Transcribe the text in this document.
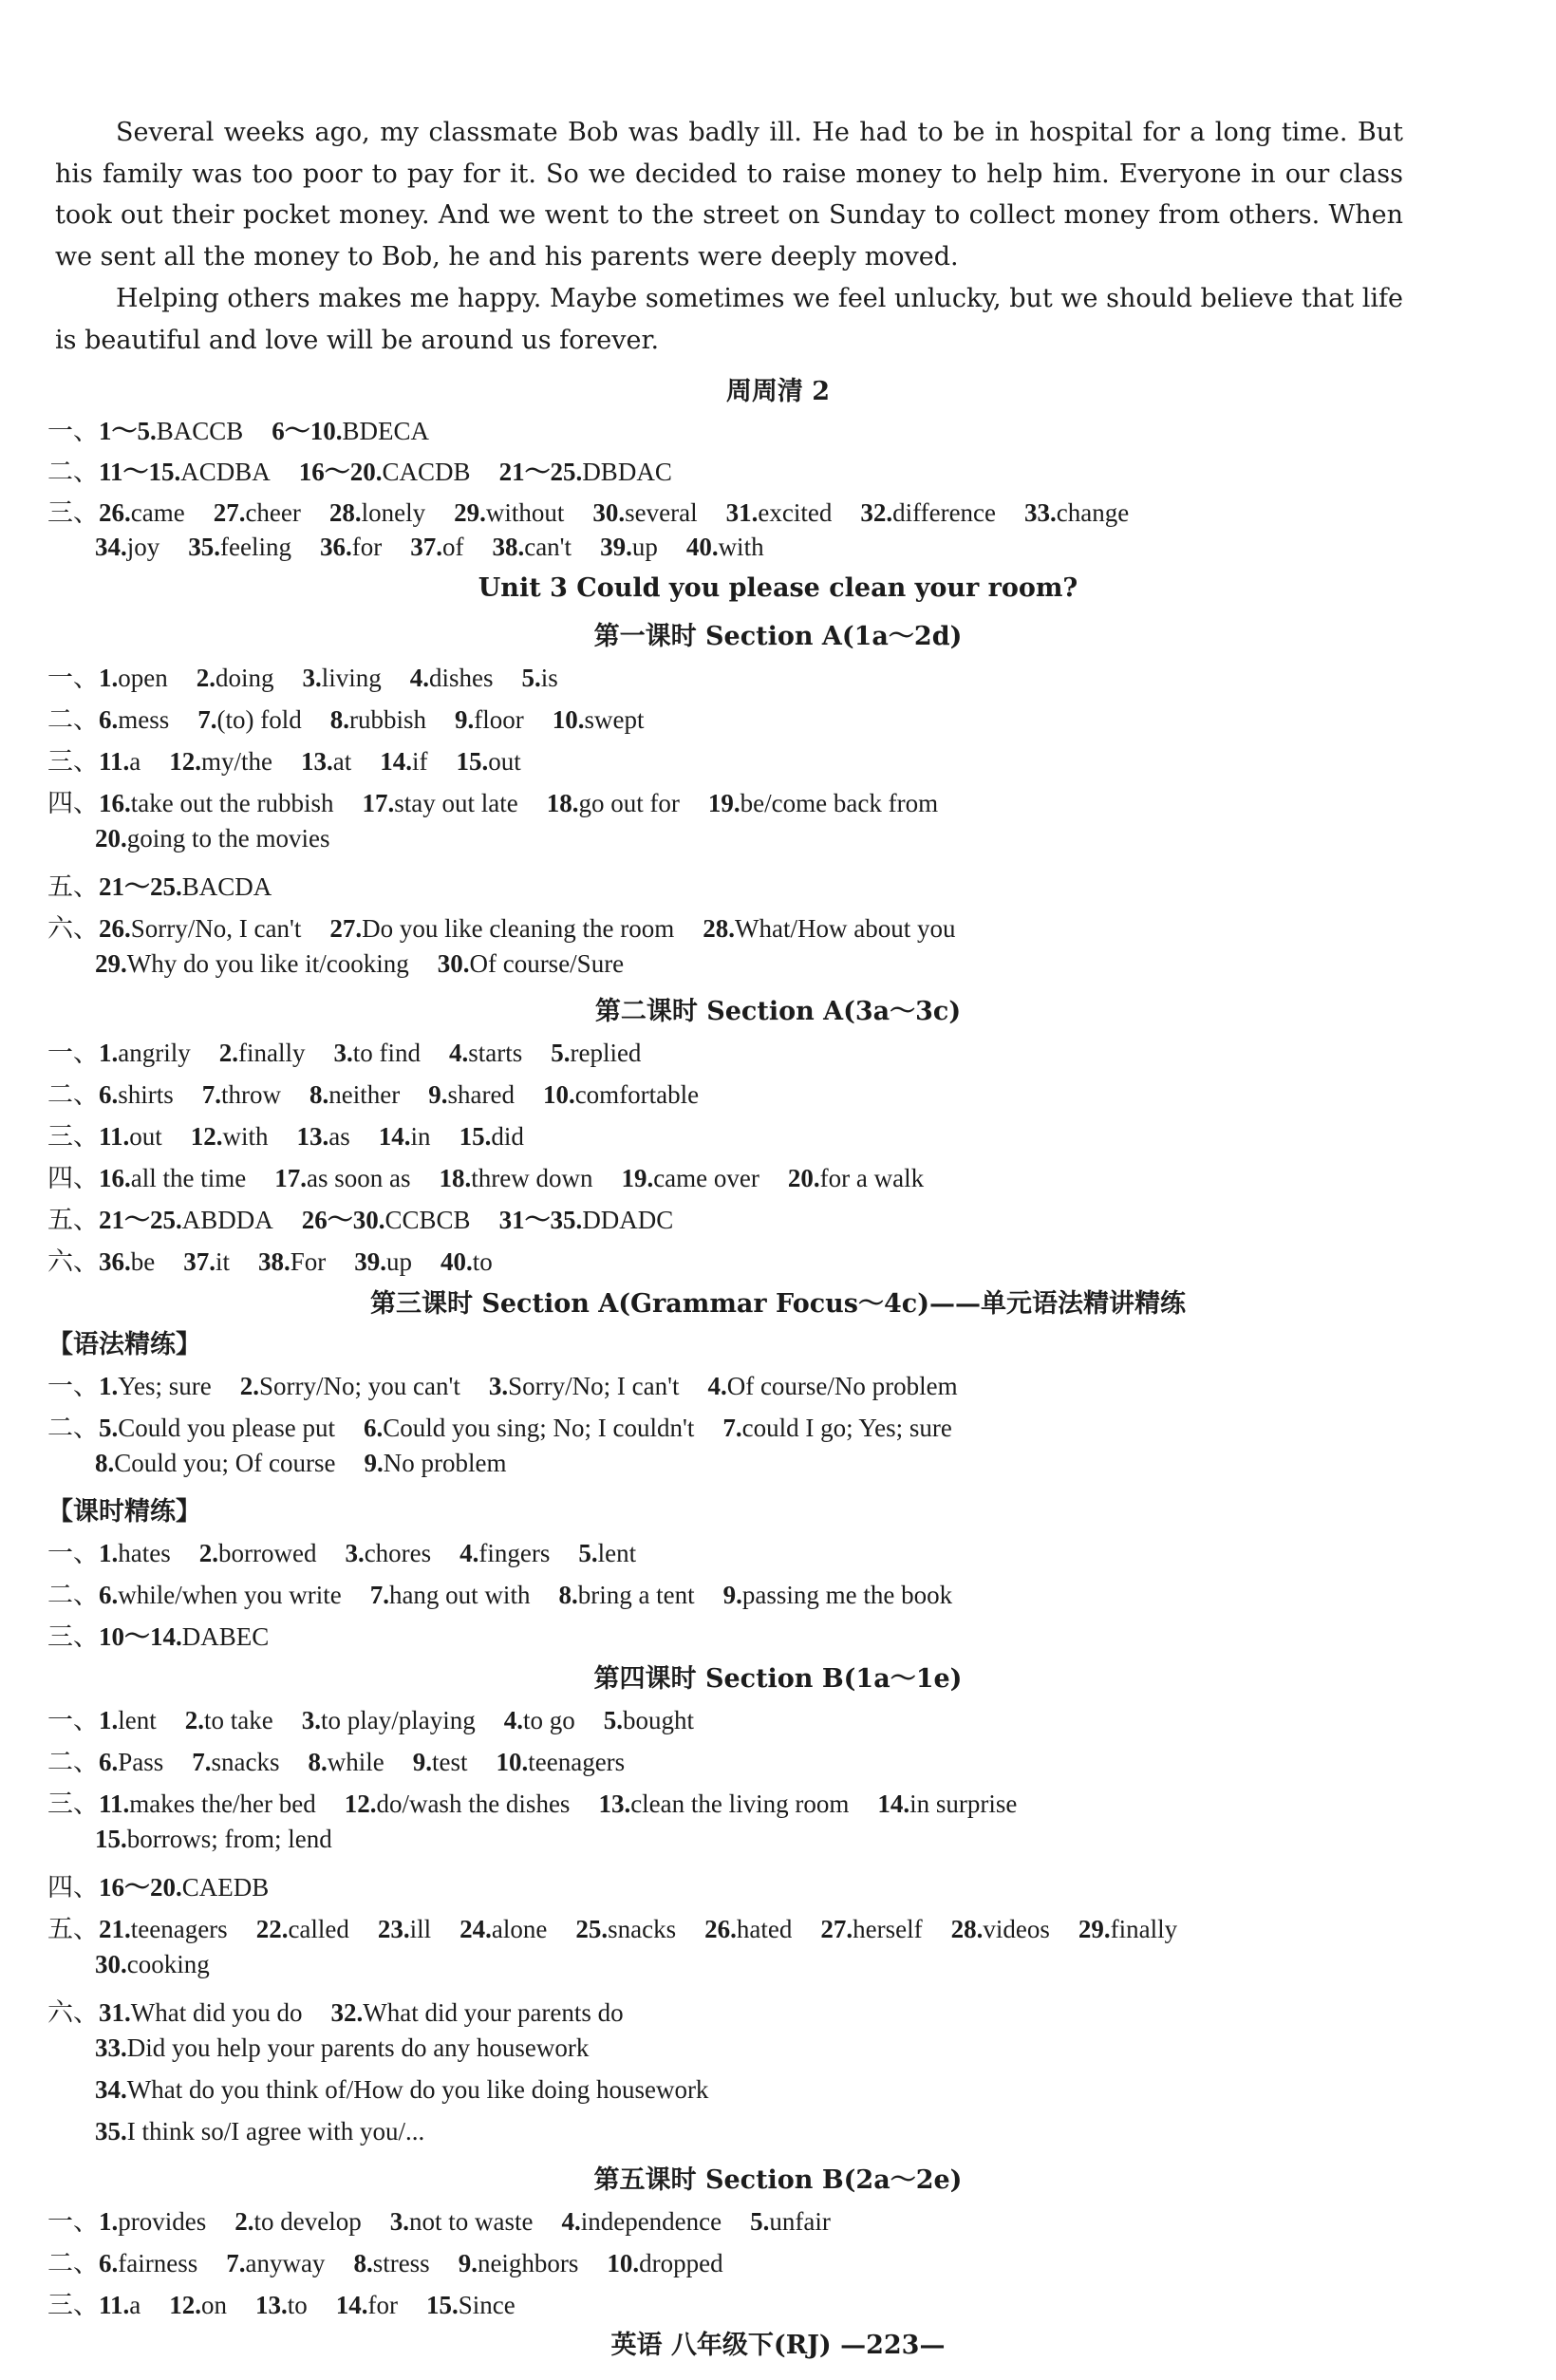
Several weeks ago, my classmate Bob was badly ill. He had to be in hospital for a long time. But his family was too poor to pay for it. So we decided to raise money to help him. Everyone in our class took out their pocket money. And we went to the street on Sunday to collect money from others. When we sent all the money to Bob, he and his parents were deeply moved.

Helping others makes me happy. Maybe sometimes we feel unlucky, but we should believe that life is beautiful and love will be around us forever.

周周清 2
一、1～5.BACCB 6～10.BDECA
二、11～15.ACDBA 16～20.CACDB 21～25.DBDAC
三、26.came 27.cheer 28.lonely 29.without 30.several 31.excited 32.difference 33.change
34.joy 35.feeling 36.for 37.of 38.can't 39.up 40.with
Unit 3 Could you please clean your room?
第一课时 Section A(1a～2d)
一、1.open 2.doing 3.living 4.dishes 5.is
二、6.mess 7.(to) fold 8.rubbish 9.floor 10.swept
三、11.a 12.my/the 13.at 14.if 15.out
四、16.take out the rubbish 17.stay out late 18.go out for 19.be/come back from
20.going to the movies
五、21～25.BACDA
六、26.Sorry/No, I can't 27.Do you like cleaning the room 28.What/How about you
29.Why do you like it/cooking 30.Of course/Sure
第二课时 Section A(3a～3c)
一、1.angrily 2.finally 3.to find 4.starts 5.replied
二、6.shirts 7.throw 8.neither 9.shared 10.comfortable
三、11.out 12.with 13.as 14.in 15.did
四、16.all the time 17.as soon as 18.threw down 19.came over 20.for a walk
五、21～25.ABDDA 26～30.CCBCB 31～35.DDADC
六、36.be 37.it 38.For 39.up 40.to
第三课时 Section A(Grammar Focus～4c)——单元语法精讲精练
【语法精练】
一、1.Yes; sure 2.Sorry/No; you can't 3.Sorry/No; I can't 4.Of course/No problem
二、5.Could you please put 6.Could you sing; No; I couldn't 7.could I go; Yes; sure
8.Could you; Of course 9.No problem
【课时精练】
一、1.hates 2.borrowed 3.chores 4.fingers 5.lent
二、6.while/when you write 7.hang out with 8.bring a tent 9.passing me the book
三、10～14.DABEC
第四课时 Section B(1a～1e)
一、1.lent 2.to take 3.to play/playing 4.to go 5.bought
二、6.Pass 7.snacks 8.while 9.test 10.teenagers
三、11.makes the/her bed 12.do/wash the dishes 13.clean the living room 14.in surprise
15.borrows; from; lend
四、16～20.CAEDB
五、21.teenagers 22.called 23.ill 24.alone 25.snacks 26.hated 27.herself 28.videos 29.finally
30.cooking
六、31.What did you do 32.What did your parents do
33.Did you help your parents do any housework
34.What do you think of/How do you like doing housework
35.I think so/I agree with you/...
第五课时 Section B(2a～2e)
一、1.provides 2.to develop 3.not to waste 4.independence 5.unfair
二、6.fairness 7.anyway 8.stress 9.neighbors 10.dropped
三、11.a 12.on 13.to 14.for 15.Since
英语 八年级下(RJ) —223—
